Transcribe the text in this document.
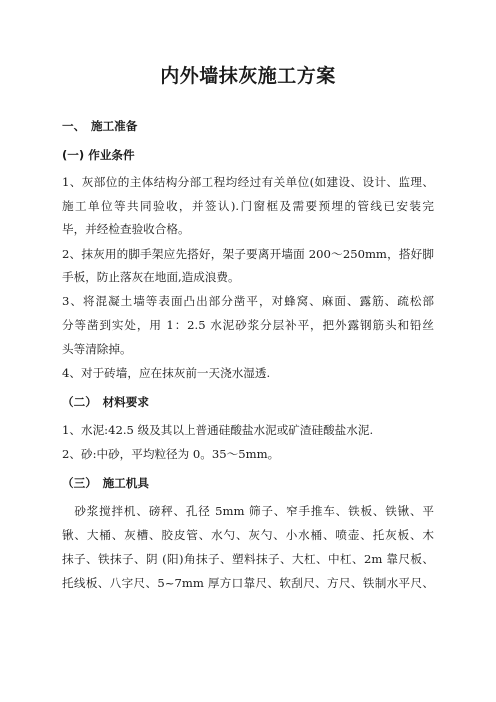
内外墙抹灰施工方案
一、　施工准备
(一) 作业条件
1、灰部位的主体结构分部工程均经过有关单位(如建设、设计、监理、
施工单位等共同验收，并签认).门窗框及需要预埋的管线已安装完
毕，并经检查验收合格。
2、抹灰用的脚手架应先搭好，架子要离开墙面 200～250mm，搭好脚
手板，防止落灰在地面,造成浪费。
3、将混凝土墙等表面凸出部分凿平，对蜂窝、麻面、露筋、疏松部
分等凿到实处，用 1：2.5 水泥砂浆分层补平，把外露钢筋头和铅丝
头等清除掉。
4、对于砖墙，应在抹灰前一天浇水湿透.
（二）　材料要求
1、水泥:42.5 级及其以上普通硅酸盐水泥或矿渣硅酸盐水泥.
2、砂:中砂，平均粒径为 0。35～5mm。
（三）　施工机具
　砂浆搅拌机、磅秤、孔径 5mm 筛子、窄手推车、铁板、铁锹、平
锹、大桶、灰槽、胶皮管、水勺、灰勺、小水桶、喷壶、托灰板、木
抹子、铁抹子、阴 (阳)角抹子、塑料抹子、大杠、中杠、2m 靠尺板、
托线板、八字尺、5~7mm 厚方口靠尺、软刮尺、方尺、铁制水平尺、
